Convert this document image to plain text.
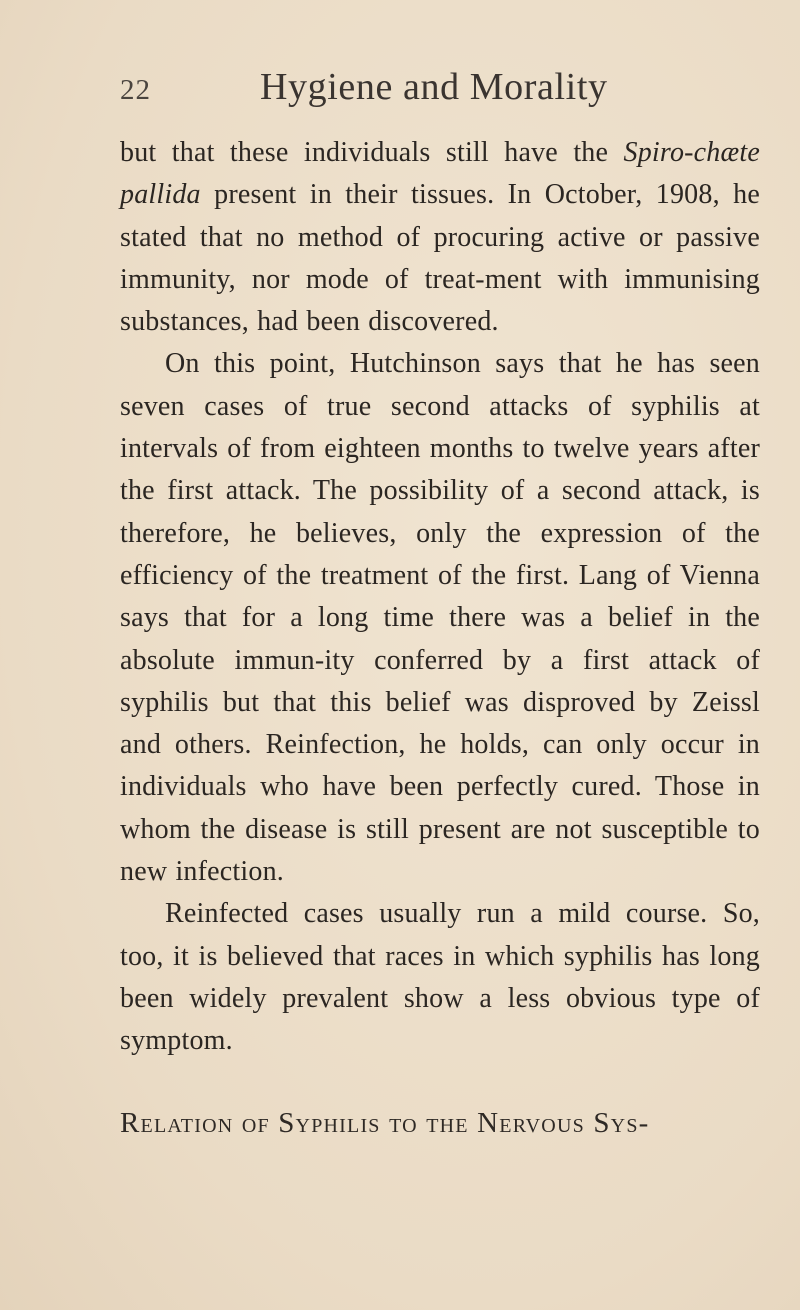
22	Hygiene and Morality

but that these individuals still have the Spiro-chæte pallida present in their tissues. In October, 1908, he stated that no method of procuring active or passive immunity, nor mode of treat-ment with immunising substances, had been discovered.

On this point, Hutchinson says that he has seen seven cases of true second attacks of syphilis at intervals of from eighteen months to twelve years after the first attack. The possibility of a second attack, is therefore, he believes, only the expression of the efficiency of the treatment of the first. Lang of Vienna says that for a long time there was a belief in the absolute immun-ity conferred by a first attack of syphilis but that this belief was disproved by Zeissl and others. Reinfection, he holds, can only occur in individuals who have been perfectly cured. Those in whom the disease is still present are not susceptible to new infection.

Reinfected cases usually run a mild course. So, too, it is believed that races in which syphilis has long been widely prevalent show a less obvious type of symptom.

Relation of Syphilis to the Nervous Sys-
